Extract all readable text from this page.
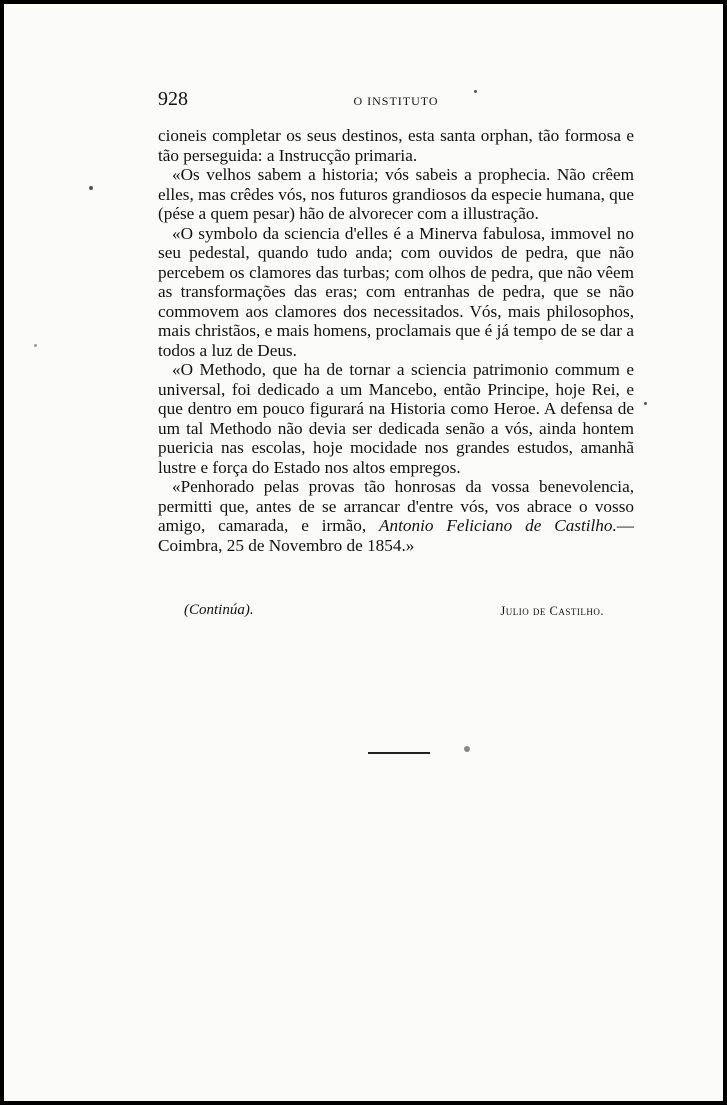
928	O INSTITUTO

cioneis completar os seus destinos, esta santa orphan, tão formosa e tão perseguida: a Instrucção primaria.

«Os velhos sabem a historia; vós sabeis a prophecia. Não crêem elles, mas crêdes vós, nos futuros grandiosos da especie humana, que (pése a quem pesar) hão de alvorecer com a illustração.

«O symbolo da sciencia d'elles é a Minerva fabulosa, immovel no seu pedestal, quando tudo anda; com ouvidos de pedra, que não percebem os clamores das turbas; com olhos de pedra, que não vêem as transformações das eras; com entranhas de pedra, que se não commovem aos clamores dos necessitados. Vós, mais philosophos, mais christãos, e mais homens, proclamais que é já tempo de se dar a todos a luz de Deus.

«O Methodo, que ha de tornar a sciencia patrimonio commum e universal, foi dedicado a um Mancebo, então Principe, hoje Rei, e que dentro em pouco figurará na Historia como Heroe. A defensa de um tal Methodo não devia ser dedicada senão a vós, ainda hontem puericia nas escolas, hoje mocidade nos grandes estudos, amanhã lustre e força do Estado nos altos empregos.

«Penhorado pelas provas tão honrosas da vossa benevolencia, permitti que, antes de se arrancar d'entre vós, vos abrace o vosso amigo, camarada, e irmão, Antonio Feliciano de Castilho.—Coimbra, 25 de Novembro de 1854.»

(Continúa).	Julio de Castilho.
